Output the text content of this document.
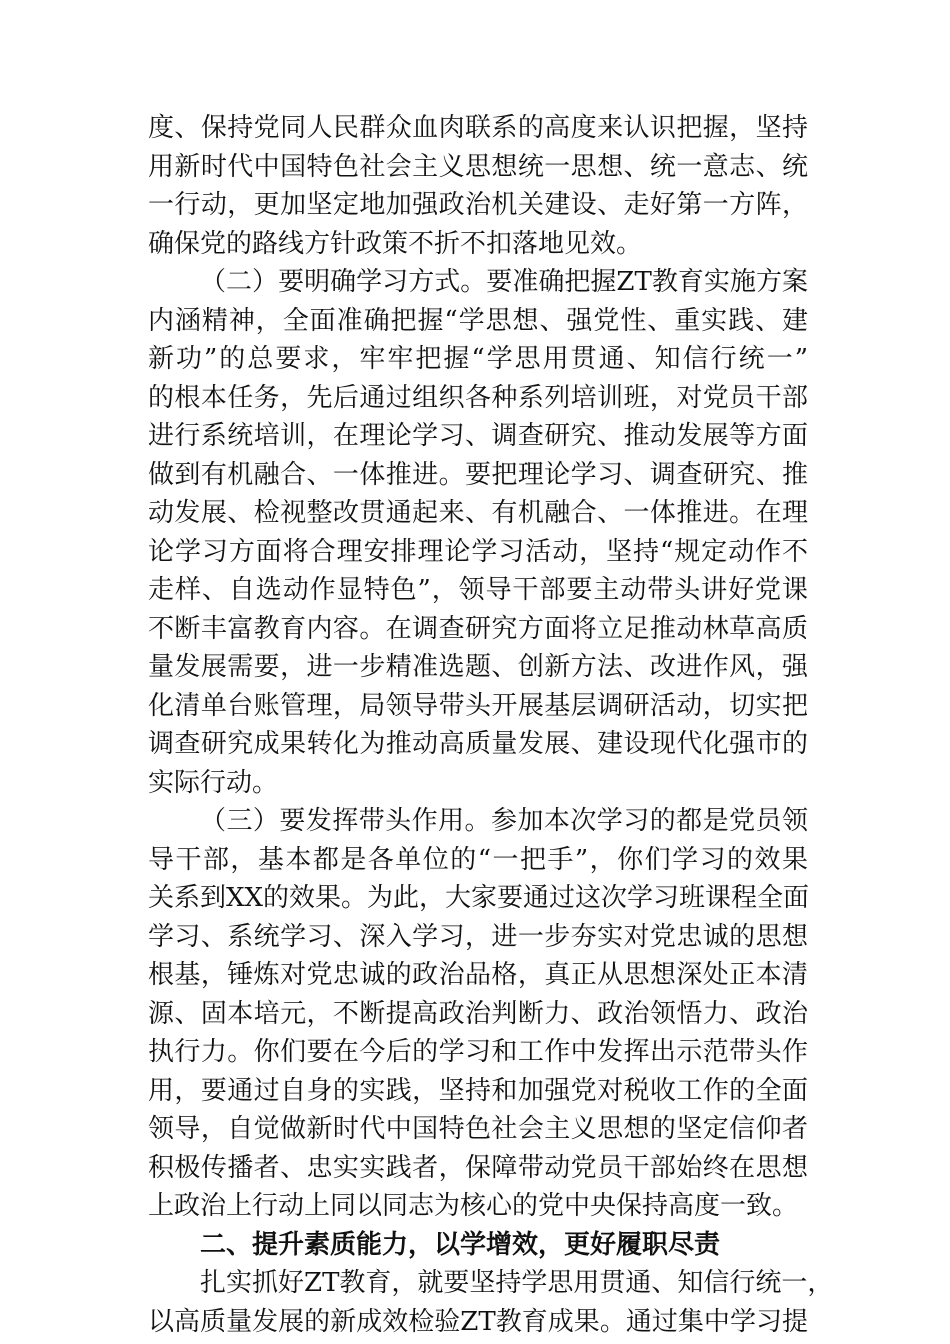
度、保持党同人民群众血肉联系的高度来认识把握，坚持
用新时代中国特色社会主义思想统一思想、统一意志、统
一行动，更加坚定地加强政治机关建设、走好第一方阵，
确保党的路线方针政策不折不扣落地见效。
（二）要明确学习方式。要准确把握ZT教育实施方案
内涵精神，全面准确把握“学思想、强党性、重实践、建
新功”的总要求，牢牢把握“学思用贯通、知信行统一”
的根本任务，先后通过组织各种系列培训班，对党员干部
进行系统培训，在理论学习、调查研究、推动发展等方面
做到有机融合、一体推进。要把理论学习、调查研究、推
动发展、检视整改贯通起来、有机融合、一体推进。在理
论学习方面将合理安排理论学习活动，坚持“规定动作不
走样、自选动作显特色”，领导干部要主动带头讲好党课
不断丰富教育内容。在调查研究方面将立足推动林草高质
量发展需要，进一步精准选题、创新方法、改进作风，强
化清单台账管理，局领导带头开展基层调研活动，切实把
调查研究成果转化为推动高质量发展、建设现代化强市的
实际行动。
（三）要发挥带头作用。参加本次学习的都是党员领
导干部，基本都是各单位的“一把手”，你们学习的效果
关系到XX的效果。为此，大家要通过这次学习班课程全面
学习、系统学习、深入学习，进一步夯实对党忠诚的思想
根基，锤炼对党忠诚的政治品格，真正从思想深处正本清
源、固本培元，不断提高政治判断力、政治领悟力、政治
执行力。你们要在今后的学习和工作中发挥出示范带头作
用，要通过自身的实践，坚持和加强党对税收工作的全面
领导，自觉做新时代中国特色社会主义思想的坚定信仰者
积极传播者、忠实实践者，保障带动党员干部始终在思想
上政治上行动上同以同志为核心的党中央保持高度一致。
二、提升素质能力，以学增效，更好履职尽责
扎实抓好ZT教育，就要坚持学思用贯通、知信行统一，
以高质量发展的新成效检验ZT教育成果。通过集中学习提
